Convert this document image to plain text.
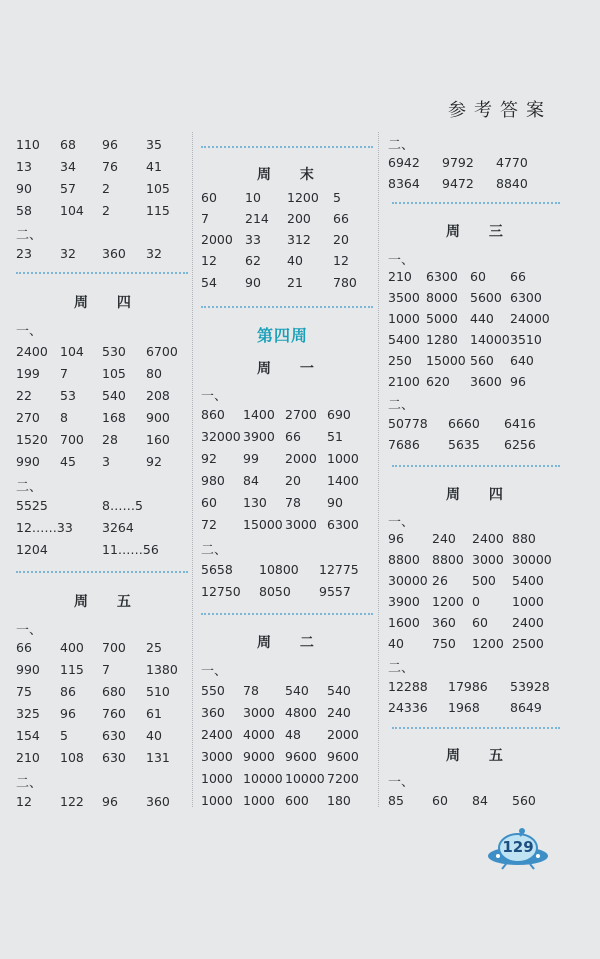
参考答案
110 68 96 35
13 34 76 41
90 57 2	105
58 104 2	115
二、
23 32 360 32
周 四
一、
2400 104 530 6700
199 7	105 80
22 53 540 208
270 8	168 900
1520 700 28 160
990 45 3	92
二、
5525	8……5
12……33 3264
1204	11……56
周 五
一、
66 400 700 25
990 115 7	1380
75 86 680 510
325 96 760 61
154 5	630 40
210 108 630 131
二、
12 122 96 360
周 末
60 10 1200 5
7	214 200 66
2000 33 312 20
12 62 40 12
54 90 21 780
第四周
周 一
一、
860 1400 2700 690
32000 3900 66 51
92 99 2000 1000
980 84 20 1400
60 130 78 90
72 15000 3000 6300
二、
5658 10800 12775
12750 8050 9557
周 二
一、
550 78 540 540
360 3000 4800 240
2400 4000 48 2000
3000 9000 9600 9600
1000 10000 10000 7200
1000 1000 600 180
二、
6942 9792 4770
8364 9472 8840
周 三
一、
210 6300 60 66
3500 8000 5600 6300
1000 5000 440 24000
5400 1280 14000 3510
250 15000 560 640
2100 620 3600 96
二、
50778 6660 6416
7686 5635 6256
周 四
一、
96 240 2400 880
8800 8800 3000 30000
30000 26 500 5400
3900 1200 0	1000
1600 360 60 2400
40 750 1200 2500
二、
12288 17986 53928
24336 1968 8649
周 五
一、
85 60 84 560
129
